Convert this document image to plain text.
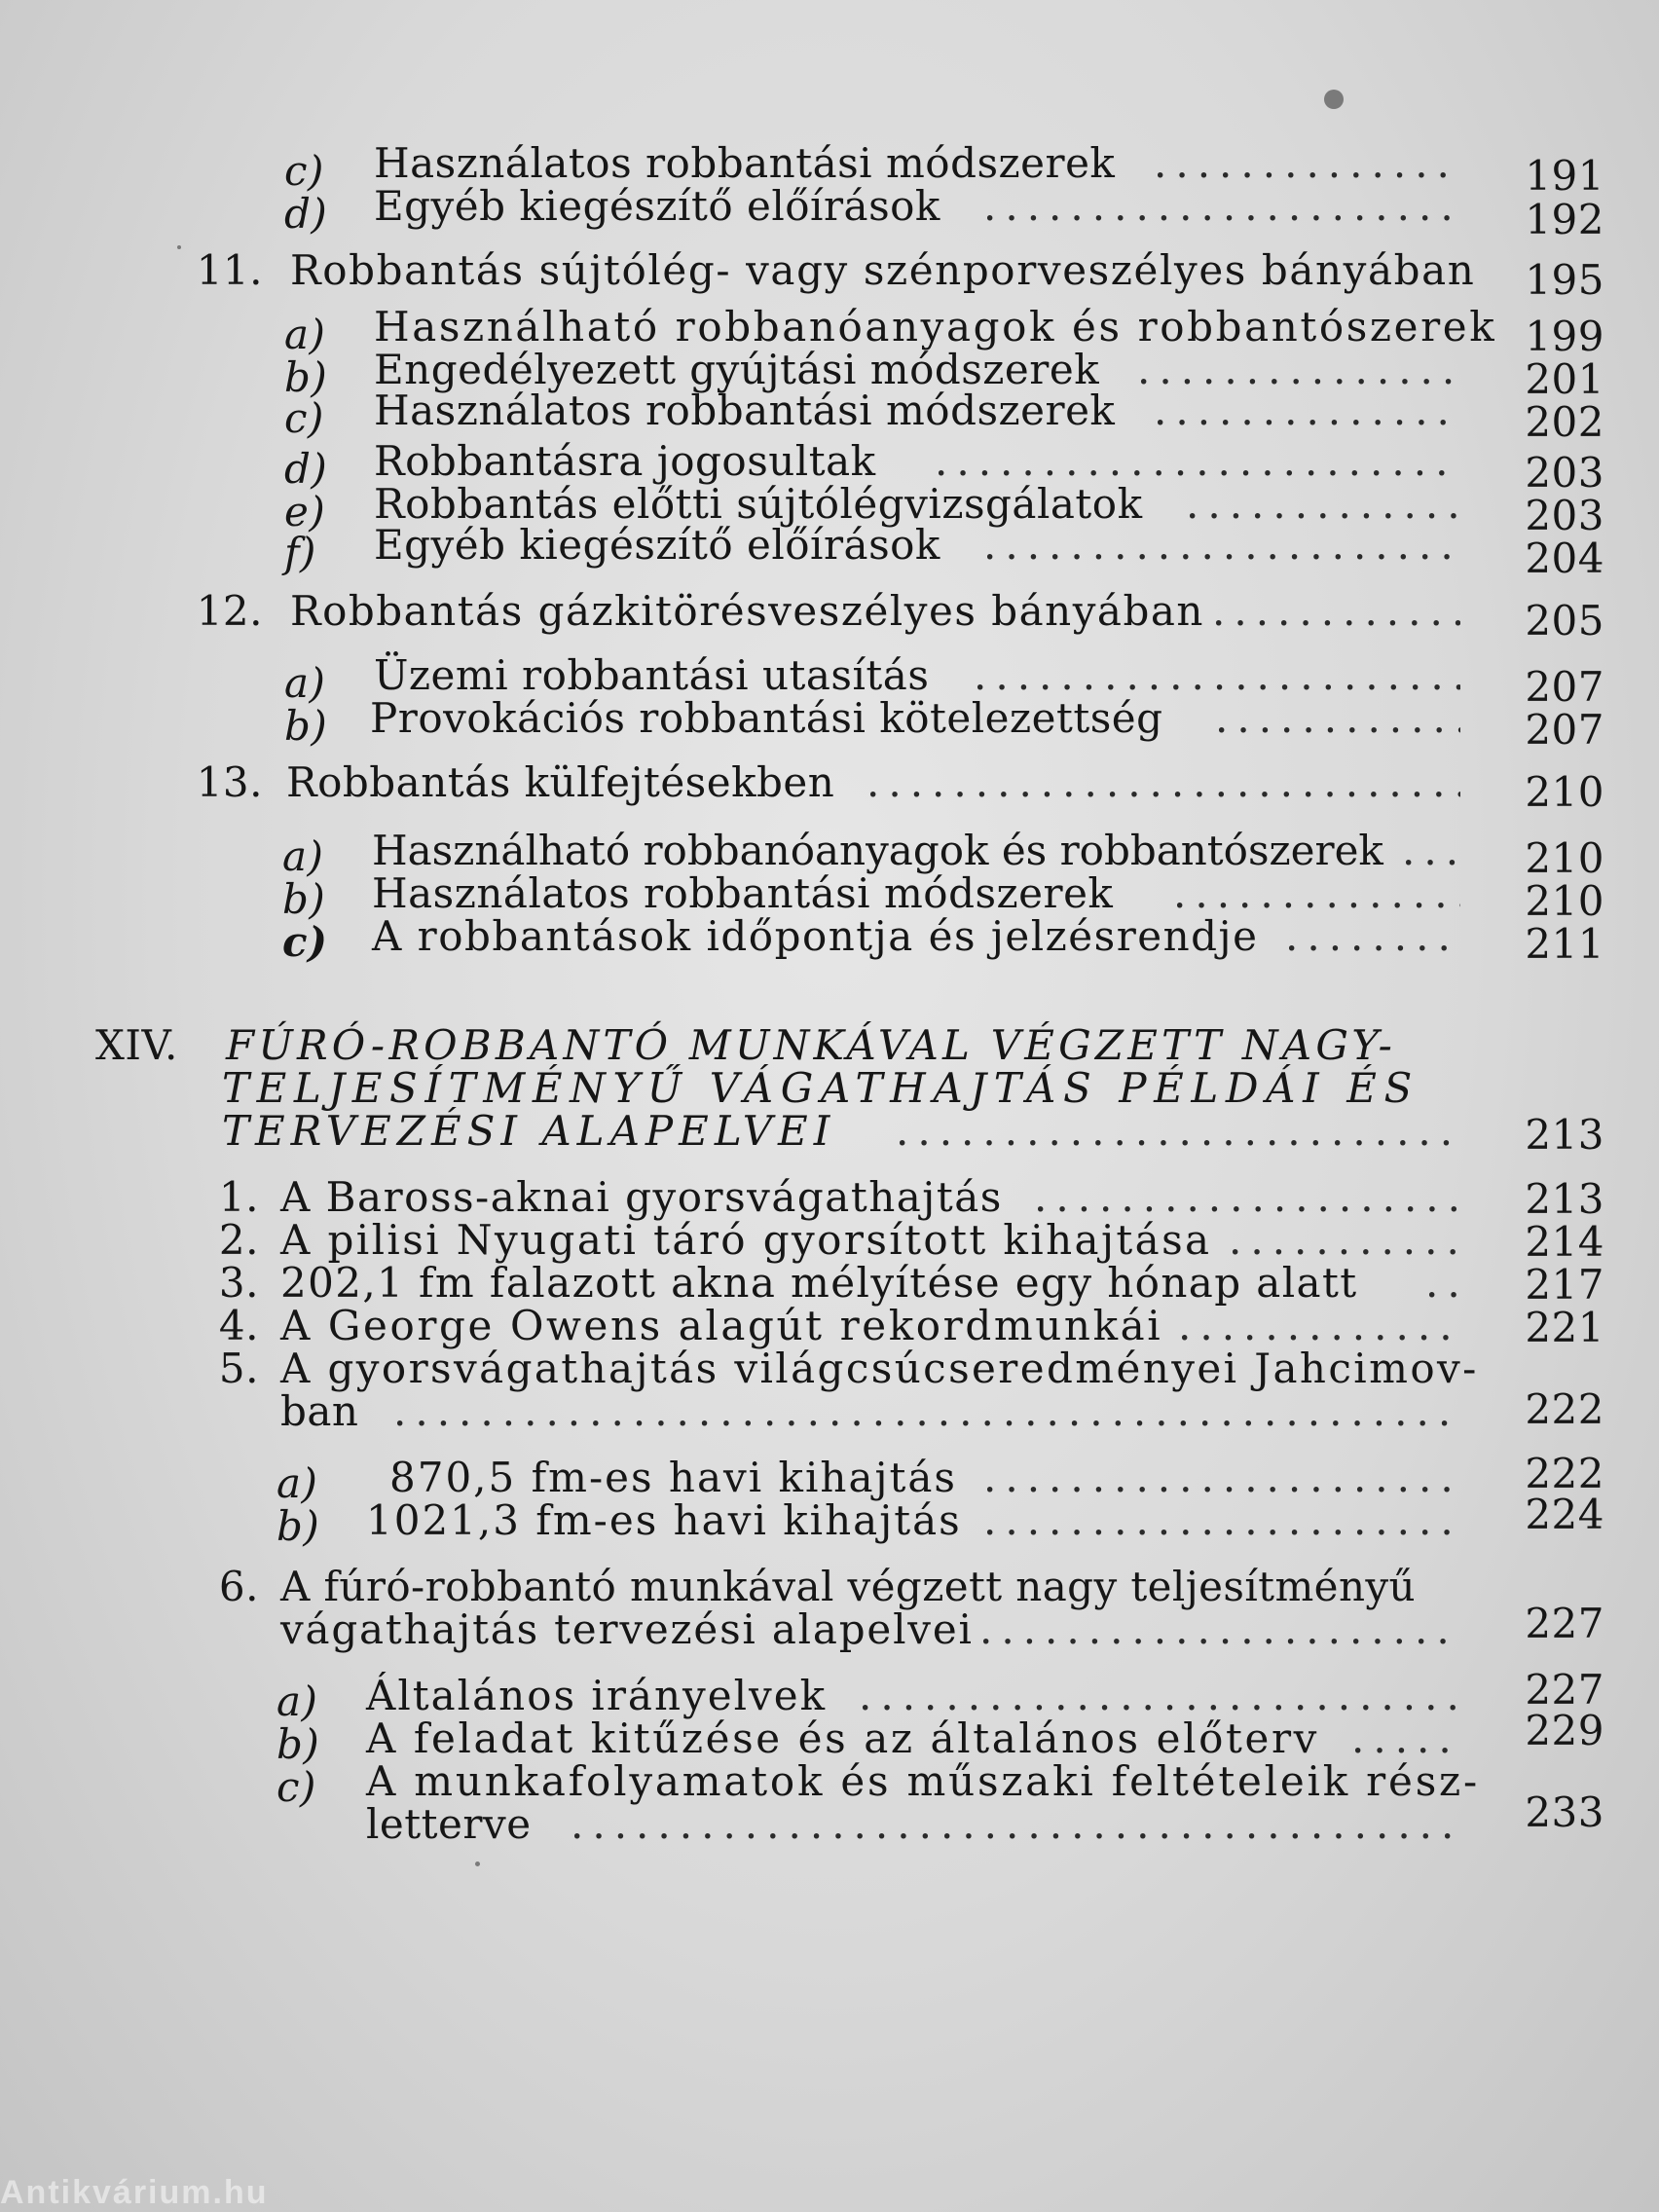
c) Használatos robbantási módszerek .....	191
d) Egyéb kiegészítő előírások .....	192
11. Robbantás sújtólég- vagy szénporveszélyes bányában	195
a) Használható robbanóanyagok és robbantószerek 199
b) Engedélyezett gyújtási módszerek .....	201
c) Használatos robbantási módszerek .....	202
d) Robbantásra jogosultak .....	203
e) Robbantás előtti sújtólégvizsgálatok .....	203
f) Egyéb kiegészítő előírások .....	204
12. Robbantás gázkitörésveszélyes bányában .....	205
a) Üzemi robbantási utasítás .....	207
b) Provokációs robbantási kötelezettség .....	207
13. Robbantás külfejtésekben .....	210
a) Használható robbanóanyagok és robbantószerek .....	210
b) Használatos robbantási módszerek .....	210
c) A robbantások időpontja és jelzésrendje .....	211
XIV. FÚRÓ-ROBBANTÓ MUNKÁVAL VÉGZETT NAGY-
TELJESÍTMÉNYŰ VÁGATHAJTÁS PÉLDÁI ÉS
TERVEZÉSI ALAPELVEI .....	213
1. A Baross-aknai gyorsvágathajtás .....	213
2. A pilisi Nyugati táró gyorsított kihajtása .....	214
3. 202,1 fm falazott akna mélyítése egy hónap alatt .....	217
4. A George Owens alagút rekordmunkái .....	221
5. A gyorsvágathajtás világcsúcseredményei Jahcimov-
ban .....	222
a) 870,5 fm-es havi kihajtás .....	222
b) 1021,3 fm-es havi kihajtás .....	224
6. A fúró-robbantó munkával végzett nagy teljesítményű
vágathajtás tervezési alapelvei .....	227
a) Általános irányelvek .....	227
b) A feladat kitűzése és az általános előterv .....	229
c) A munkafolyamatok és műszaki feltételeik rész-
letterve .....	233
Antikvárium.hu
